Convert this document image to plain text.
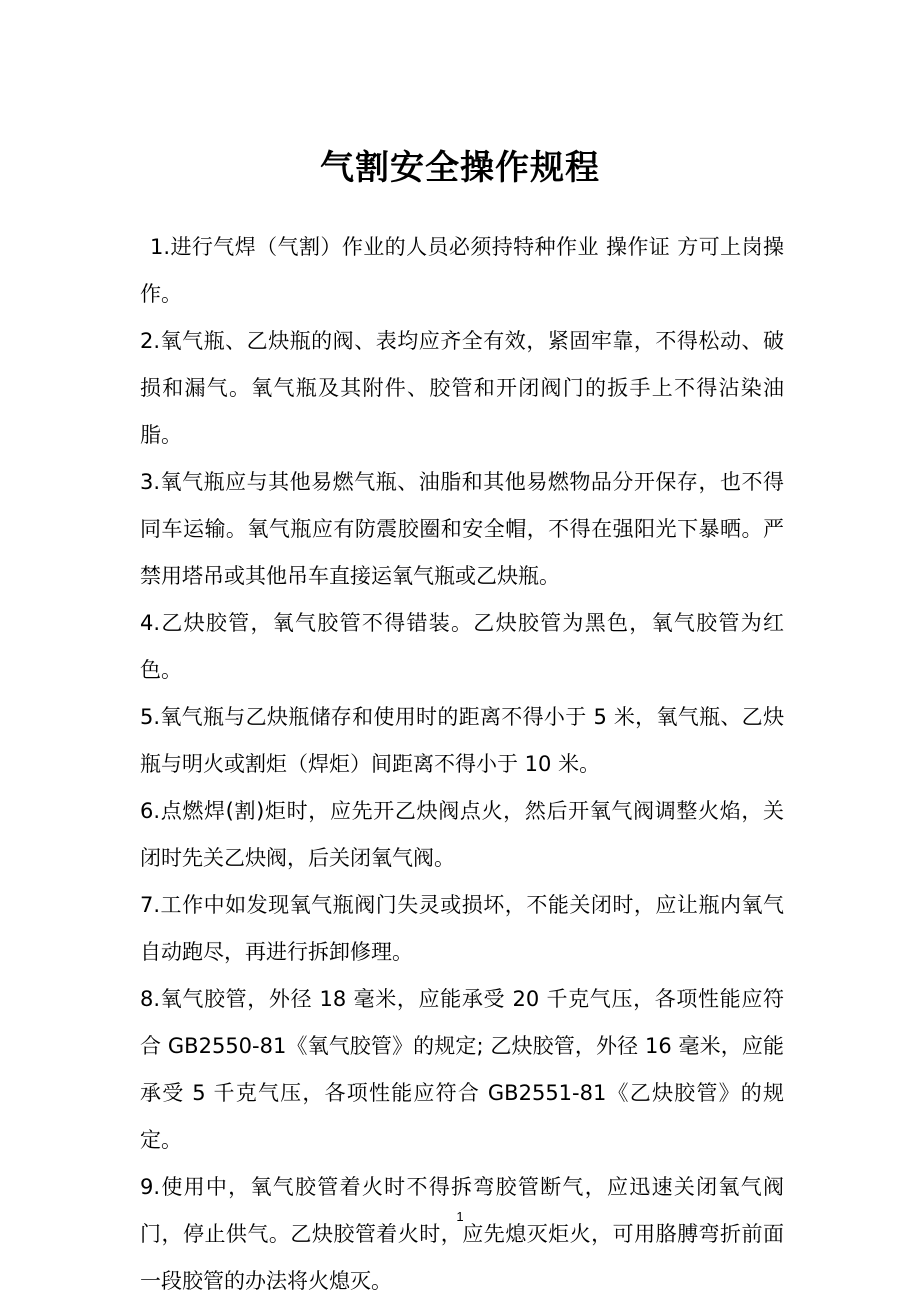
气割安全操作规程

1.进行气焊（气割）作业的人员必须持特种作业 操作证 方可上岗操作。

2.氧气瓶、乙炔瓶的阀、表均应齐全有效，紧固牢靠，不得松动、破损和漏气。氧气瓶及其附件、胶管和开闭阀门的扳手上不得沾染油脂。

3.氧气瓶应与其他易燃气瓶、油脂和其他易燃物品分开保存，也不得同车运输。氧气瓶应有防震胶圈和安全帽，不得在强阳光下暴晒。严禁用塔吊或其他吊车直接运氧气瓶或乙炔瓶。

4.乙炔胶管，氧气胶管不得错装。乙炔胶管为黑色，氧气胶管为红色。

5.氧气瓶与乙炔瓶储存和使用时的距离不得小于 5 米，氧气瓶、乙炔瓶与明火或割炬（焊炬）间距离不得小于 10 米。

6.点燃焊(割)炬时，应先开乙炔阀点火，然后开氧气阀调整火焰，关闭时先关乙炔阀，后关闭氧气阀。

7.工作中如发现氧气瓶阀门失灵或损坏，不能关闭时，应让瓶内氧气自动跑尽，再进行拆卸修理。

8.氧气胶管，外径 18 毫米，应能承受 20 千克气压，各项性能应符合 GB2550-81《氧气胶管》的规定; 乙炔胶管，外径 16 毫米，应能承受 5 千克气压，各项性能应符合 GB2551-81《乙炔胶管》的规定。

9.使用中，氧气胶管着火时不得拆弯胶管断气，应迅速关闭氧气阀门，停止供气。乙炔胶管着火时，应先熄灭炬火，可用胳膊弯折前面一段胶管的办法将火熄灭。

1
